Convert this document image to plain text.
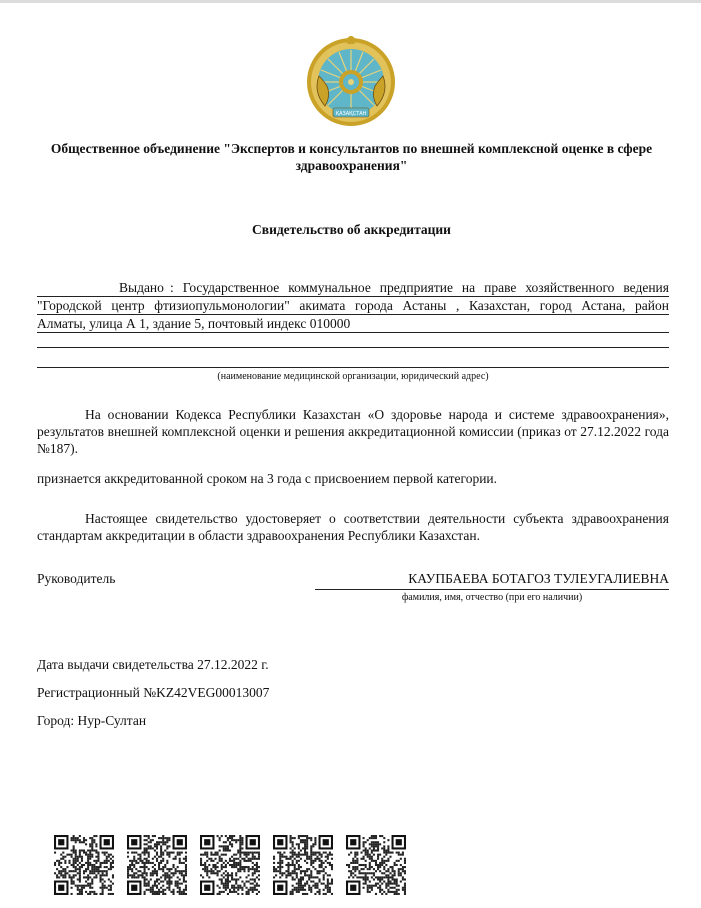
ҚАЗАҚСТАН
Общественное объединение "Экспертов и консультантов по внешней комплексной оценке в сфере здравоохранения"
Свидетельство об аккредитации
Выдано : Государственное коммунальное предприятие на праве хозяйственного ведения
"Городской центр фтизиопульмонологии" акимата города Астаны , Казахстан, город Астана, район
Алматы, улица А 1, здание 5, почтовый индекс 010000
(наименование медицинской организации, юридический адрес)
На основании Кодекса Республики Казахстан «О здоровье народа и системе здравоохранения», результатов внешней комплексной оценки и решения аккредитационной комиссии (приказ от 27.12.2022 года №187).
признается аккредитованной сроком на 3 года с присвоением первой категории.
Настоящее свидетельство удостоверяет о соответствии деятельности субъекта здравоохранения стандартам аккредитации в области здравоохранения Республики Казахстан.
Руководитель	КАУПБАЕВА БОТАГОЗ ТУЛЕУГАЛИЕВНА
фамилия, имя, отчество (при его наличии)
Дата выдачи свидетельства 27.12.2022 г.
Регистрационный №KZ42VEG00013007
Город: Нур-Султан
